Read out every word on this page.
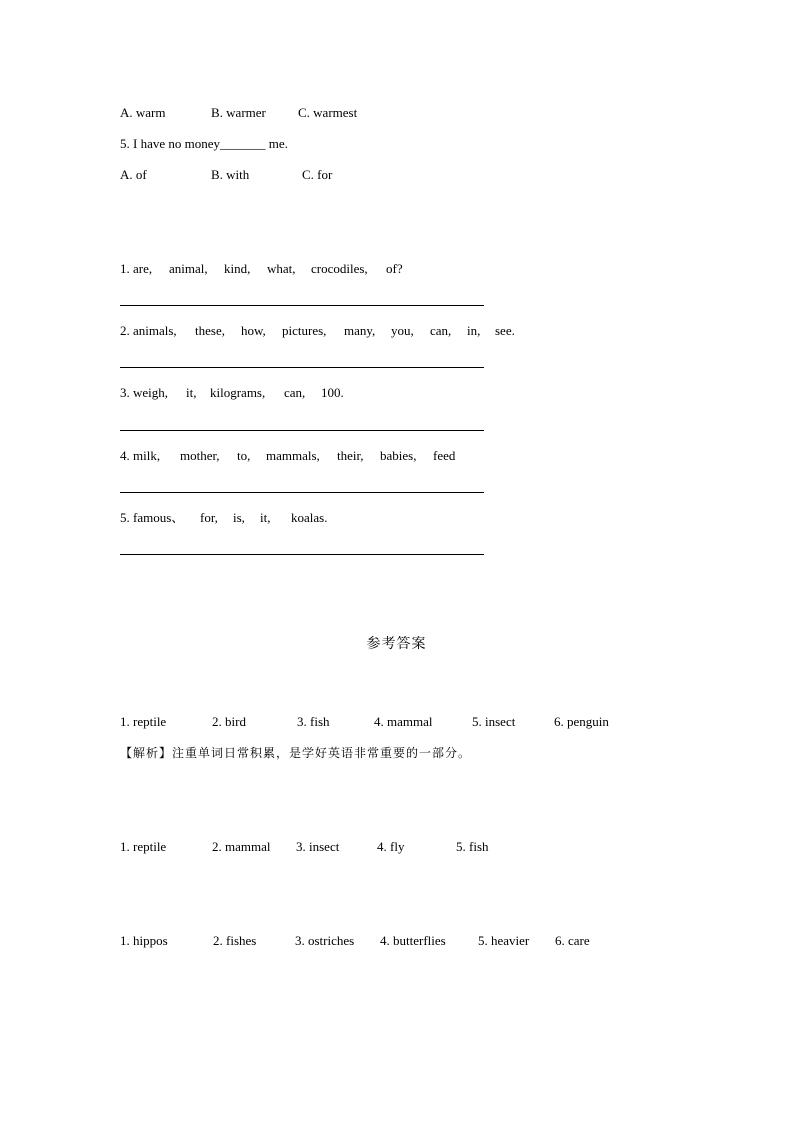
A. warm	B. warmer C. warmest
5. I have no money_______ me.
A. of	B. with	C. for
1. are, animal, kind, what, crocodiles, of?
2. animals, these, how, pictures, many, you, can, in, see.
3. weigh, it, kilograms, can, 100.
4. milk, mother, to, mammals, their, babies, feed
5. famous、 for, is, it, koalas.
参考答案
1. reptile	2. bird	3. fish	4. mammal	5. insect	6. penguin
【解析】注重单词日常积累，是学好英语非常重要的一部分。
1. reptile	2. mammal 3. insect	4. fly	5. fish
1. hippos	2. fishes	3. ostriches 4. butterflies 5. heavier 6. care
